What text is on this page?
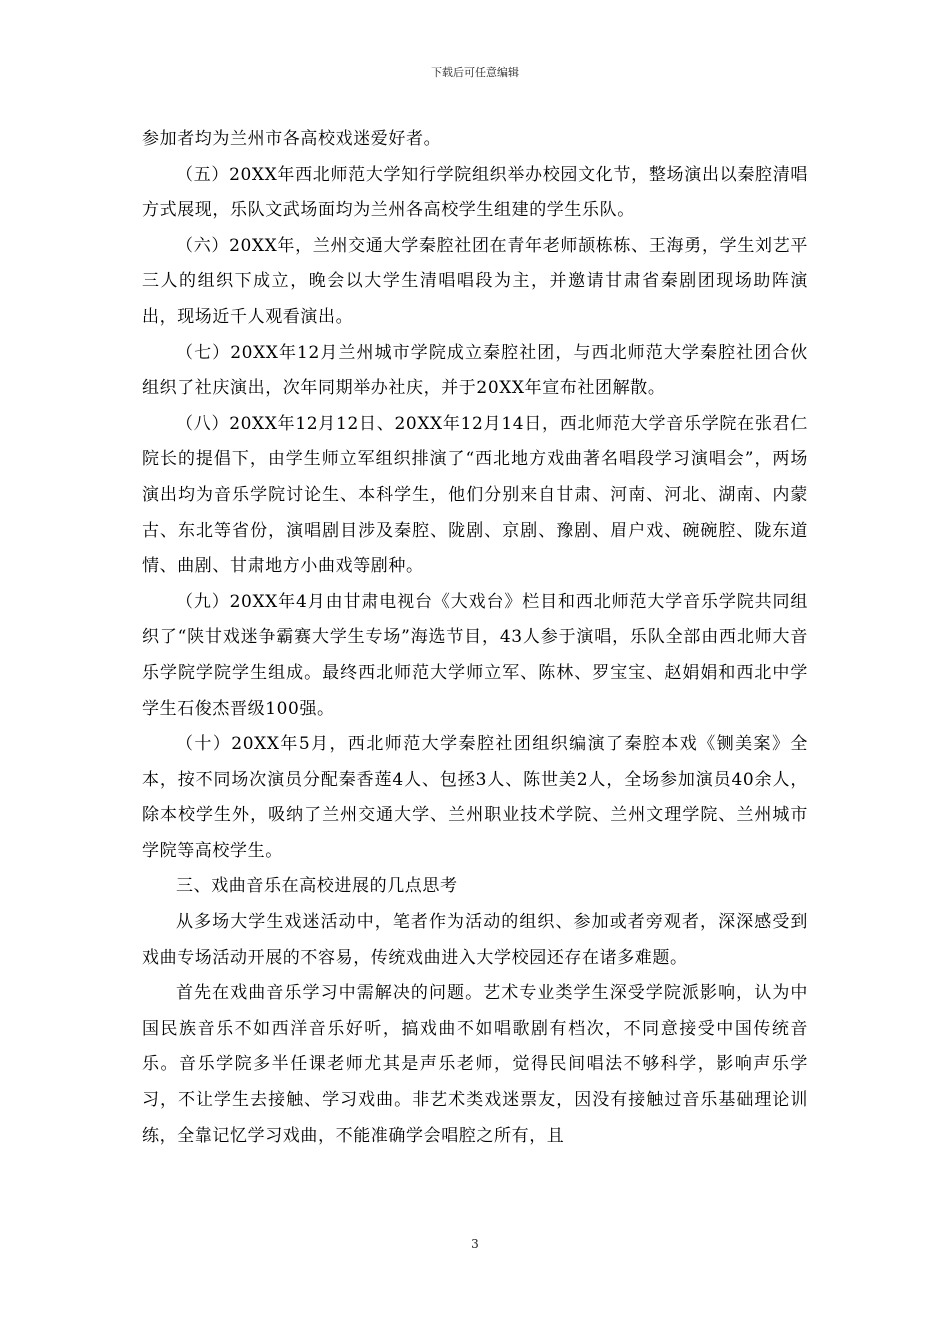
下载后可任意编辑

参加者均为兰州市各高校戏迷爱好者。

（五）20XX年西北师范大学知行学院组织举办校园文化节，整场演出以秦腔清唱方式展现，乐队文武场面均为兰州各高校学生组建的学生乐队。

（六）20XX年，兰州交通大学秦腔社团在青年老师颉栋栋、王海勇，学生刘艺平三人的组织下成立，晚会以大学生清唱唱段为主，并邀请甘肃省秦剧团现场助阵演出，现场近千人观看演出。

（七）20XX年12月兰州城市学院成立秦腔社团，与西北师范大学秦腔社团合伙组织了社庆演出，次年同期举办社庆，并于20XX年宣布社团解散。

（八）20XX年12月12日、20XX年12月14日，西北师范大学音乐学院在张君仁院长的提倡下，由学生师立军组织排演了“西北地方戏曲著名唱段学习演唱会”，两场演出均为音乐学院讨论生、本科学生，他们分别来自甘肃、河南、河北、湖南、内蒙古、东北等省份，演唱剧目涉及秦腔、陇剧、京剧、豫剧、眉户戏、碗碗腔、陇东道情、曲剧、甘肃地方小曲戏等剧种。

（九）20XX年4月由甘肃电视台《大戏台》栏目和西北师范大学音乐学院共同组织了“陕甘戏迷争霸赛大学生专场”海选节目，43人参于演唱，乐队全部由西北师大音乐学院学院学生组成。最终西北师范大学师立军、陈林、罗宝宝、赵娟娟和西北中学学生石俊杰晋级100强。

（十）20XX年5月，西北师范大学秦腔社团组织编演了秦腔本戏《铡美案》全本，按不同场次演员分配秦香莲4人、包拯3人、陈世美2人，全场参加演员40余人，除本校学生外，吸纳了兰州交通大学、兰州职业技术学院、兰州文理学院、兰州城市学院等高校学生。

三、戏曲音乐在高校进展的几点思考

从多场大学生戏迷活动中，笔者作为活动的组织、参加或者旁观者，深深感受到戏曲专场活动开展的不容易，传统戏曲进入大学校园还存在诸多难题。

首先在戏曲音乐学习中需解决的问题。艺术专业类学生深受学院派影响，认为中国民族音乐不如西洋音乐好听，搞戏曲不如唱歌剧有档次，不同意接受中国传统音乐。音乐学院多半任课老师尤其是声乐老师，觉得民间唱法不够科学，影响声乐学习，不让学生去接触、学习戏曲。非艺术类戏迷票友，因没有接触过音乐基础理论训练，全靠记忆学习戏曲，不能准确学会唱腔之所有，且

3
